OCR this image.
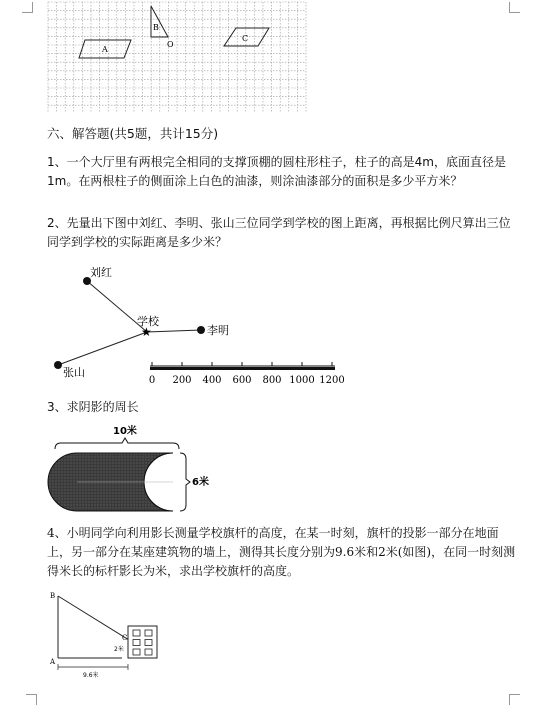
A
B
O
C
六、解答题(共5题，共计15分)
1、一个大厅里有两根完全相同的支撑顶棚的圆柱形柱子，柱子的高是4m，底面直径是1m。在两根柱子的侧面涂上白色的油漆，则涂油漆部分的面积是多少平方米？
2、先量出下图中刘红、李明、张山三位同学到学校的图上距离，再根据比例尺算出三位同学到学校的实际距离是多少米？
★
刘红
学校
李明
张山
0 200 400 600 800 1000 1200
3、求阴影的周长
10米
6米
4、小明同学向利用影长测量学校旗杆的高度，在某一时刻，旗杆的投影一部分在地面上，另一部分在某座建筑物的墙上，测得其长度分别为9.6米和2米(如图)，在同一时刻测得米长的标杆影长为米，求出学校旗杆的高度。
B
A
C
2米
9.6米
